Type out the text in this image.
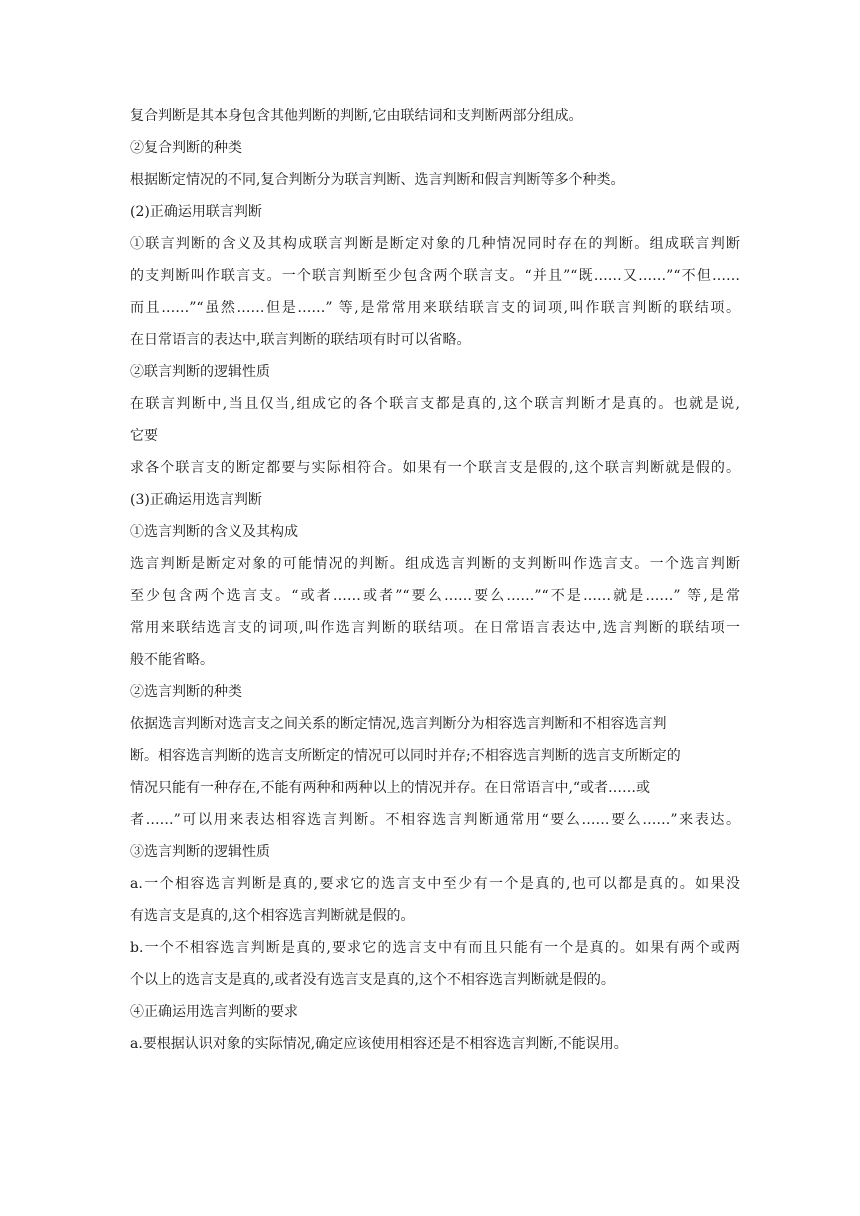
复合判断是其本身包含其他判断的判断,它由联结词和支判断两部分组成。
②复合判断的种类
根据断定情况的不同,复合判断分为联言判断、选言判断和假言判断等多个种类。
(2)正确运用联言判断
①联言判断的含义及其构成联言判断是断定对象的几种情况同时存在的判断。组成联言判断
的支判断叫作联言支。一个联言判断至少包含两个联言支。“并且”“既……又……”“不但……
而且……”“虽然……但是……” 等,是常常用来联结联言支的词项,叫作联言判断的联结项。
在日常语言的表达中,联言判断的联结项有时可以省略。
②联言判断的逻辑性质
在联言判断中,当且仅当,组成它的各个联言支都是真的,这个联言判断才是真的。也就是说,
它要
求各个联言支的断定都要与实际相符合。如果有一个联言支是假的,这个联言判断就是假的。
(3)正确运用选言判断
①选言判断的含义及其构成
选言判断是断定对象的可能情况的判断。组成选言判断的支判断叫作选言支。一个选言判断
至少包含两个选言支。“或者……或者”“要么……要么……”“不是……就是……” 等,是常
常用来联结选言支的词项,叫作选言判断的联结项。在日常语言表达中,选言判断的联结项一
般不能省略。
②选言判断的种类
依据选言判断对选言支之间关系的断定情况,选言判断分为相容选言判断和不相容选言判
断。相容选言判断的选言支所断定的情况可以同时并存;不相容选言判断的选言支所断定的
情况只能有一种存在,不能有两种和两种以上的情况并存。在日常语言中,“或者……或
者……”可以用来表达相容选言判断。不相容选言判断通常用“要么……要么……”来表达。
③选言判断的逻辑性质
a.一个相容选言判断是真的,要求它的选言支中至少有一个是真的,也可以都是真的。如果没
有选言支是真的,这个相容选言判断就是假的。
b.一个不相容选言判断是真的,要求它的选言支中有而且只能有一个是真的。如果有两个或两
个以上的选言支是真的,或者没有选言支是真的,这个不相容选言判断就是假的。
④正确运用选言判断的要求
a.要根据认识对象的实际情况,确定应该使用相容还是不相容选言判断,不能误用。
